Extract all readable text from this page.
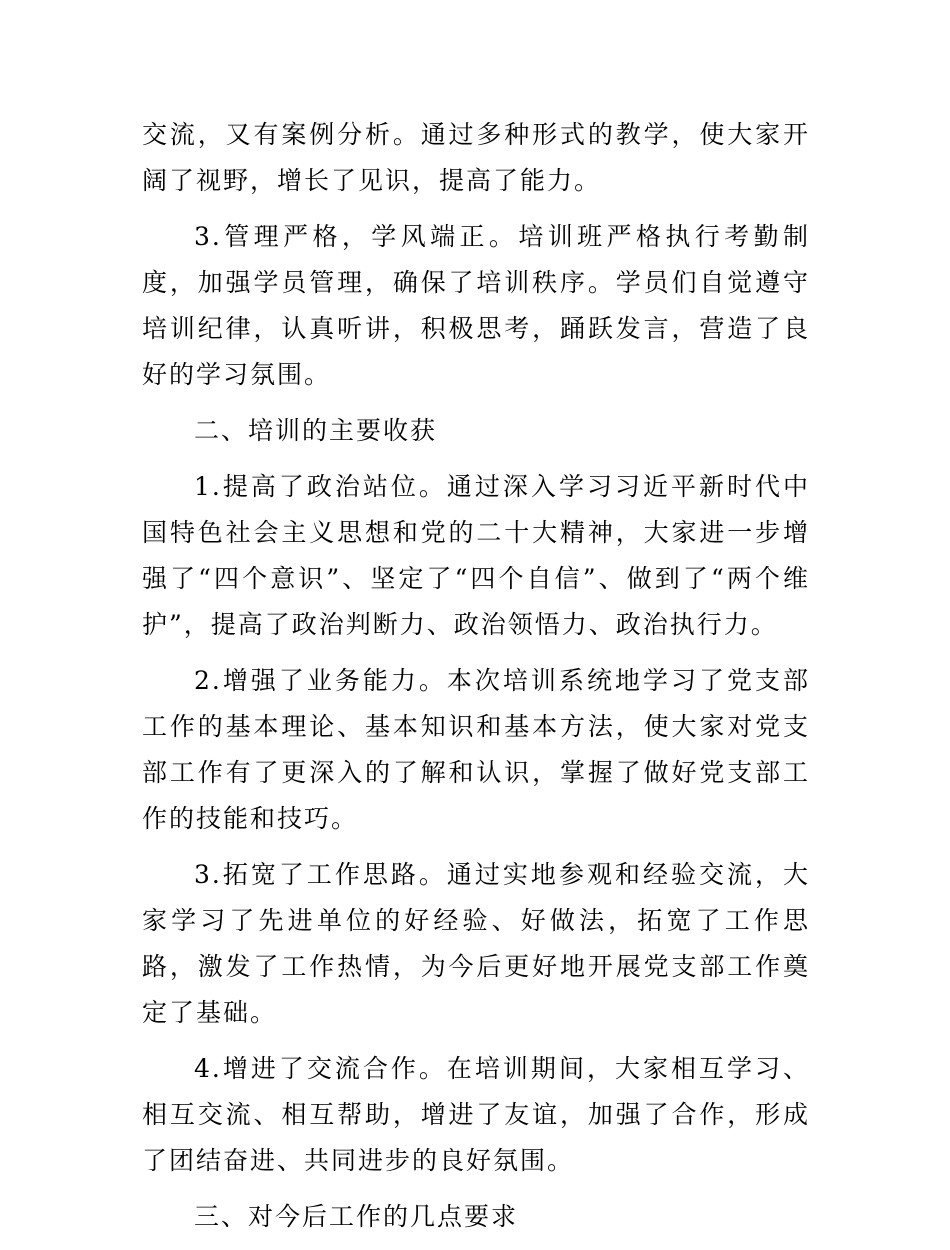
交流，又有案例分析。通过多种形式的教学，使大家开阔了视野，增长了见识，提高了能力。

3.管理严格，学风端正。培训班严格执行考勤制度，加强学员管理，确保了培训秩序。学员们自觉遵守培训纪律，认真听讲，积极思考，踊跃发言，营造了良好的学习氛围。

二、培训的主要收获

1.提高了政治站位。通过深入学习习近平新时代中国特色社会主义思想和党的二十大精神，大家进一步增强了“四个意识”、坚定了“四个自信”、做到了“两个维护”，提高了政治判断力、政治领悟力、政治执行力。

2.增强了业务能力。本次培训系统地学习了党支部工作的基本理论、基本知识和基本方法，使大家对党支部工作有了更深入的了解和认识，掌握了做好党支部工作的技能和技巧。

3.拓宽了工作思路。通过实地参观和经验交流，大家学习了先进单位的好经验、好做法，拓宽了工作思路，激发了工作热情，为今后更好地开展党支部工作奠定了基础。

4.增进了交流合作。在培训期间，大家相互学习、相互交流、相互帮助，增进了友谊，加强了合作，形成了团结奋进、共同进步的良好氛围。

三、对今后工作的几点要求
